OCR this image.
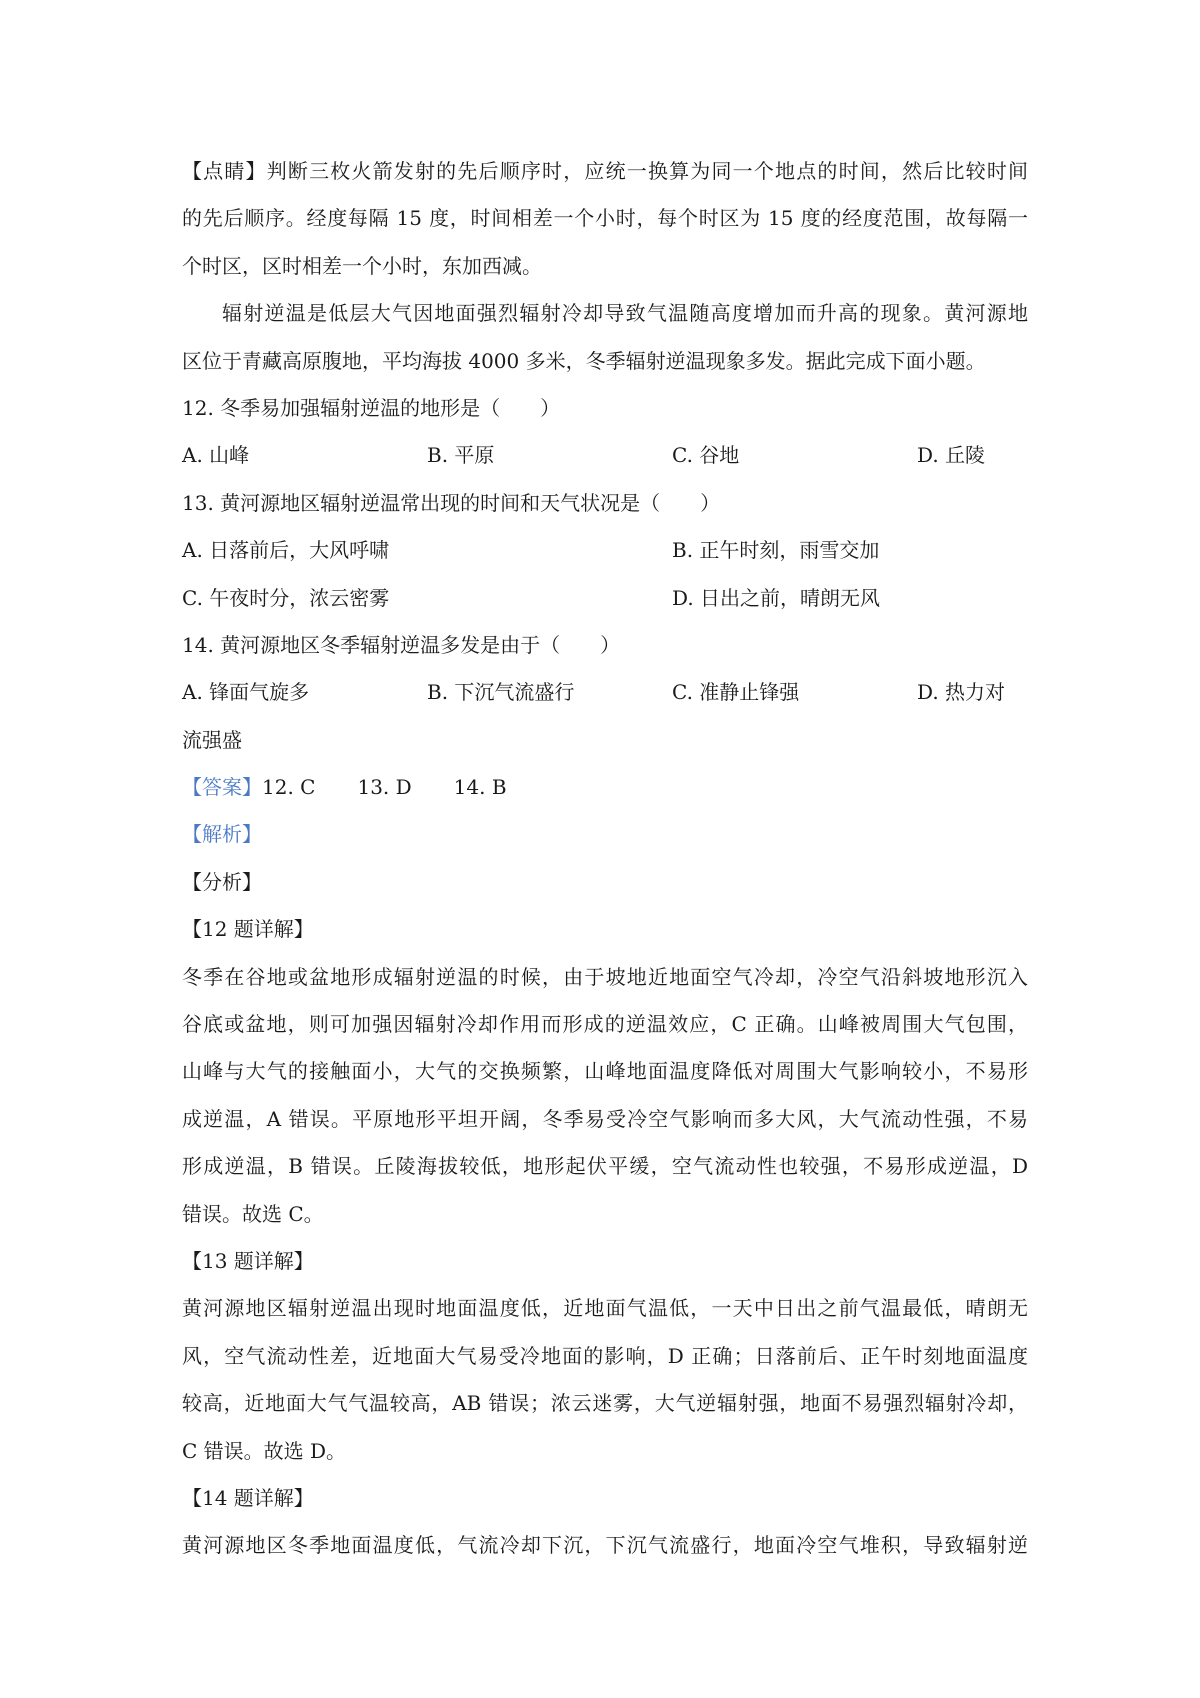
【点睛】判断三枚火箭发射的先后顺序时，应统一换算为同一个地点的时间，然后比较时间
的先后顺序。经度每隔 15 度，时间相差一个小时，每个时区为 15 度的经度范围，故每隔一
个时区，区时相差一个小时，东加西减。
辐射逆温是低层大气因地面强烈辐射冷却导致气温随高度增加而升高的现象。黄河源地
区位于青藏高原腹地，平均海拔 4000 多米，冬季辐射逆温现象多发。据此完成下面小题。
12. 冬季易加强辐射逆温的地形是（　　）
A. 山峰	B. 平原	C. 谷地	D. 丘陵
13. 黄河源地区辐射逆温常出现的时间和天气状况是（　　）
A. 日落前后，大风呼啸	B. 正午时刻，雨雪交加
C. 午夜时分，浓云密雾	D. 日出之前，晴朗无风
14. 黄河源地区冬季辐射逆温多发是由于（　　）
A. 锋面气旋多	B. 下沉气流盛行	C. 准静止锋强	D. 热力对
流强盛
【答案】12. C 13. D 14. B
【解析】
【分析】
【12 题详解】
冬季在谷地或盆地形成辐射逆温的时候，由于坡地近地面空气冷却，冷空气沿斜坡地形沉入
谷底或盆地，则可加强因辐射冷却作用而形成的逆温效应，C 正确。山峰被周围大气包围，
山峰与大气的接触面小，大气的交换频繁，山峰地面温度降低对周围大气影响较小，不易形
成逆温，A 错误。平原地形平坦开阔，冬季易受冷空气影响而多大风，大气流动性强，不易
形成逆温，B 错误。丘陵海拔较低，地形起伏平缓，空气流动性也较强，不易形成逆温，D
错误。故选 C。
【13 题详解】
黄河源地区辐射逆温出现时地面温度低，近地面气温低，一天中日出之前气温最低，晴朗无
风，空气流动性差，近地面大气易受冷地面的影响，D 正确；日落前后、正午时刻地面温度
较高，近地面大气气温较高，AB 错误；浓云迷雾，大气逆辐射强，地面不易强烈辐射冷却，
C 错误。故选 D。
【14 题详解】
黄河源地区冬季地面温度低，气流冷却下沉，下沉气流盛行，地面冷空气堆积，导致辐射逆
